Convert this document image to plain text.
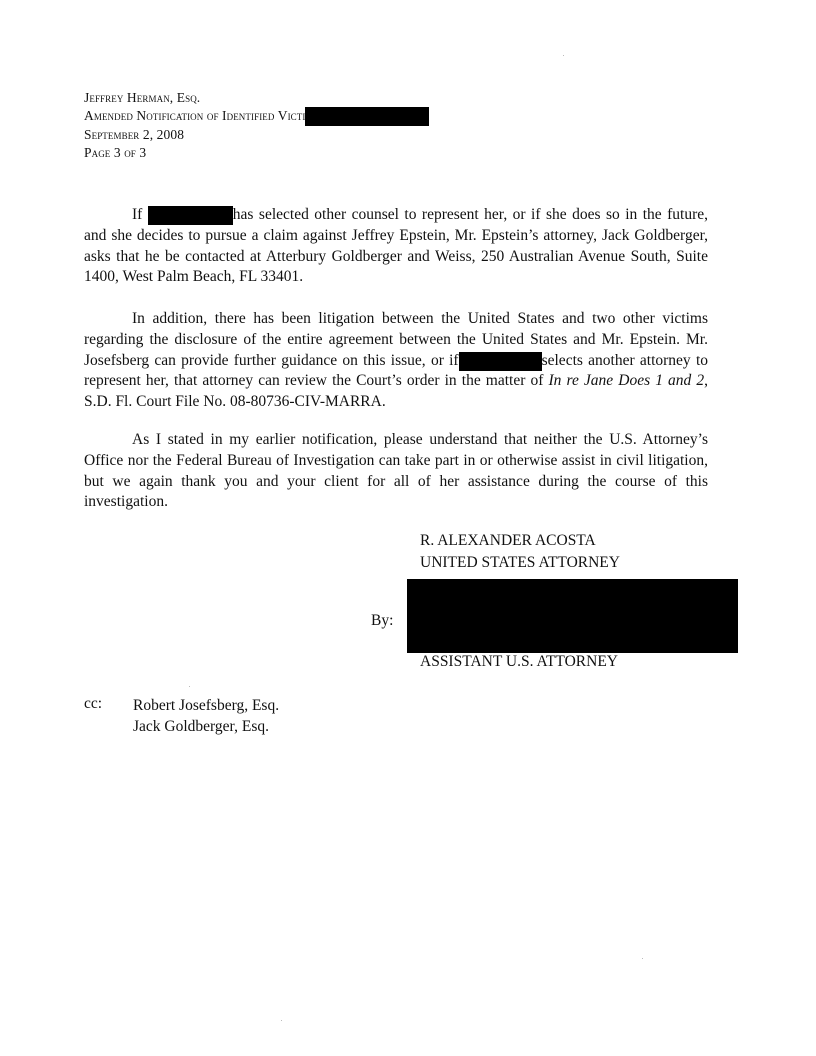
Jeffrey Herman, Esq.
Amended Notification of Identified Victi
September 2, 2008
Page 3 of 3

If	has selected other counsel to represent her, or if she does so in the future, and she decides to pursue a claim against Jeffrey Epstein, Mr. Epstein’s attorney, Jack Goldberger, asks that he be contacted at Atterbury Goldberger and Weiss, 250 Australian Avenue South, Suite 1400, West Palm Beach, FL 33401.

In addition, there has been litigation between the United States and two other victims regarding the disclosure of the entire agreement between the United States and Mr. Epstein. Mr. Josefsberg can provide further guidance on this issue, or if	selects another attorney to represent her, that attorney can review the Court’s order in the matter of In re Jane Does 1 and 2, S.D. Fl. Court File No. 08-80736-CIV-MARRA.

As I stated in my earlier notification, please understand that neither the U.S. Attorney’s Office nor the Federal Bureau of Investigation can take part in or otherwise assist in civil litigation, but we again thank you and your client for all of her assistance during the course of this investigation.

R. ALEXANDER ACOSTA
UNITED STATES ATTORNEY
By:
ASSISTANT U.S. ATTORNEY
cc: Robert Josefsberg, Esq.
Jack Goldberger, Esq.
